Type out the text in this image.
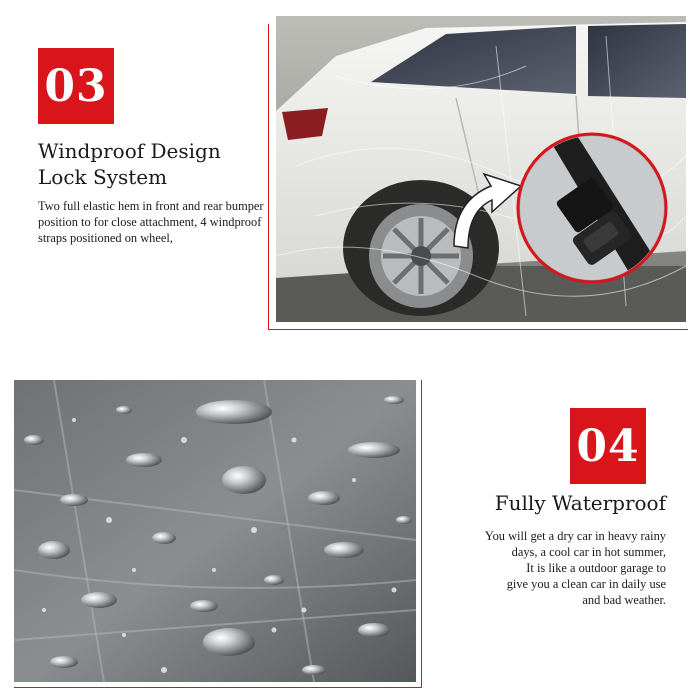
03
Windproof Design
Lock System
Two full elastic hem in front and rear bumper position to for close attachment, 4 windproof straps positioned on wheel,
04
Fully Waterproof
You will get a dry car in heavy rainy
days, a cool car in hot summer,
It is like a outdoor garage to
give you a clean car in daily use
and bad weather.
